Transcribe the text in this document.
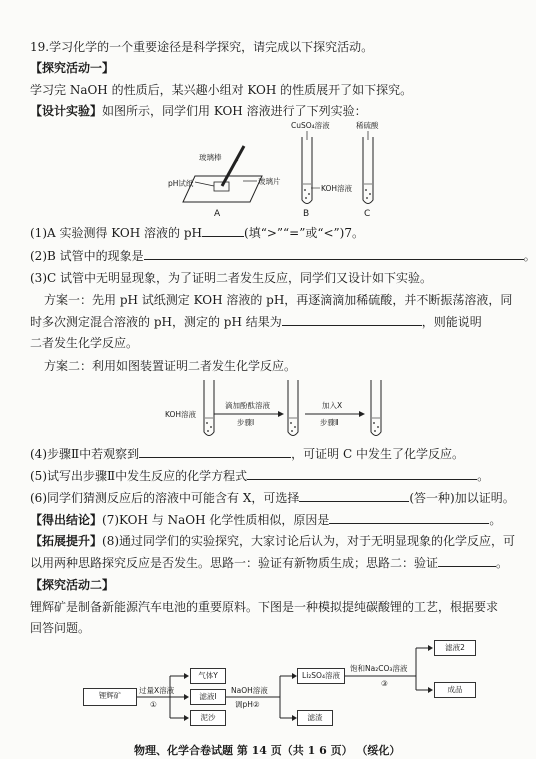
19.学习化学的一个重要途径是科学探究，请完成以下探究活动。
【探究活动一】
学习完 NaOH 的性质后，某兴趣小组对 KOH 的性质展开了如下探究。
【设计实验】如图所示，同学们用 KOH 溶液进行了下列实验：
玻璃棒
pH试纸	玻璃片
A
CuSO₄溶液
KOH溶液
B
稀硫酸
C
(1)A 实验测得 KOH 溶液的 pH	(填“>”“=”或“<”)7。
(2)B 试管中的现象是	。
(3)C 试管中无明显现象，为了证明二者发生反应，同学们又设计如下实验。
方案一：先用 pH 试纸测定 KOH 溶液的 pH，再逐滴滴加稀硫酸，并不断振荡溶液，同
时多次测定混合溶液的 pH，测定的 pH 结果为	，则能说明
二者发生化学反应。
方案二：利用如图装置证明二者发生化学反应。
KOH溶液
滴加酚酞溶液
步骤Ⅰ
加入X
步骤Ⅱ
(4)步骤Ⅱ中若观察到	，可证明 C 中发生了化学反应。
(5)试写出步骤Ⅱ中发生反应的化学方程式	。
(6)同学们猜测反应后的溶液中可能含有 X，可选择	(答一种)加以证明。
【得出结论】(7)KOH 与 NaOH 化学性质相似，原因是	。
【拓展提升】(8)通过同学们的实验探究，大家讨论后认为，对于无明显现象的化学反应，可
以用两种思路探究反应是否发生。思路一：验证有新物质生成；思路二：验证	。
【探究活动二】
锂辉矿是制备新能源汽车电池的重要原料。下图是一种模拟提纯碳酸锂的工艺，根据要求
回答问题。
锂辉矿
过量X溶液
①
气体Y
滤液Ⅰ
泥沙
NaOH溶液
调pH②
Li₂SO₄溶液
滤渣
饱和Na₂CO₃溶液
③
滤液2
成品
物理、化学合卷试题 第 14 页（共 1 6 页） （绥化）
